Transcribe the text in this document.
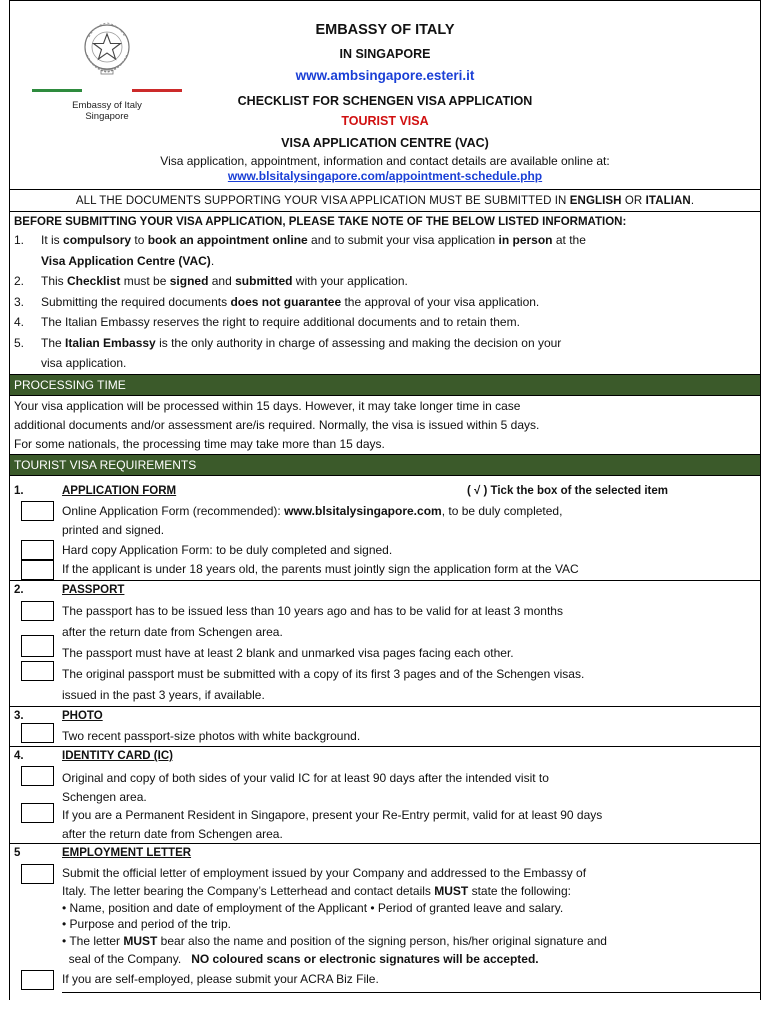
EMBASSY OF ITALY
IN SINGAPORE
www.ambsingapore.esteri.it
CHECKLIST FOR SCHENGEN VISA APPLICATION
TOURIST VISA
VISA APPLICATION CENTRE (VAC)
Visa application, appointment, information and contact details are available online at:
www.blsitalysingapore.com/appointment-schedule.php
Embassy of Italy
Singapore
ALL THE DOCUMENTS SUPPORTING YOUR VISA APPLICATION MUST BE SUBMITTED IN ENGLISH OR ITALIAN.
BEFORE SUBMITTING YOUR VISA APPLICATION, PLEASE TAKE NOTE OF THE BELOW LISTED INFORMATION:
1.	It is compulsory to book an appointment online and to submit your visa application in person at the
Visa Application Centre (VAC).
2.	This Checklist must be signed and submitted with your application.
3.	Submitting the required documents does not guarantee the approval of your visa application.
4.	The Italian Embassy reserves the right to require additional documents and to retain them.
5.	The Italian Embassy is the only authority in charge of assessing and making the decision on your
visa application.
PROCESSING TIME
Your visa application will be processed within 15 days. However, it may take longer time in case
additional documents and/or assessment are/is required. Normally, the visa is issued within 5 days.
For some nationals, the processing time may take more than 15 days.
TOURIST VISA REQUIREMENTS
1.	APPLICATION FORM	( √ ) Tick the box of the selected item
Online Application Form (recommended): www.blsitalysingapore.com, to be duly completed,
printed and signed.
Hard copy Application Form: to be duly completed and signed.
If the applicant is under 18 years old, the parents must jointly sign the application form at the VAC
2.	PASSPORT
The passport has to be issued less than 10 years ago and has to be valid for at least 3 months
after the return date from Schengen area.
The passport must have at least 2 blank and unmarked visa pages facing each other.
The original passport must be submitted with a copy of its first 3 pages and of the Schengen visas.
issued in the past 3 years, if available.
3.	PHOTO
Two recent passport-size photos with white background.
4.	IDENTITY CARD (IC)
Original and copy of both sides of your valid IC for at least 90 days after the intended visit to
Schengen area.
If you are a Permanent Resident in Singapore, present your Re-Entry permit, valid for at least 90 days
after the return date from Schengen area.
5	EMPLOYMENT LETTER
Submit the official letter of employment issued by your Company and addressed to the Embassy of
Italy. The letter bearing the Company’s Letterhead and contact details MUST state the following:
• Name, position and date of employment of the Applicant • Period of granted leave and salary.
• Purpose and period of the trip.
• The letter MUST bear also the name and position of the signing person, his/her original signature and
seal of the Company.   NO coloured scans or electronic signatures will be accepted.
If you are self-employed, please submit your ACRA Biz File.
